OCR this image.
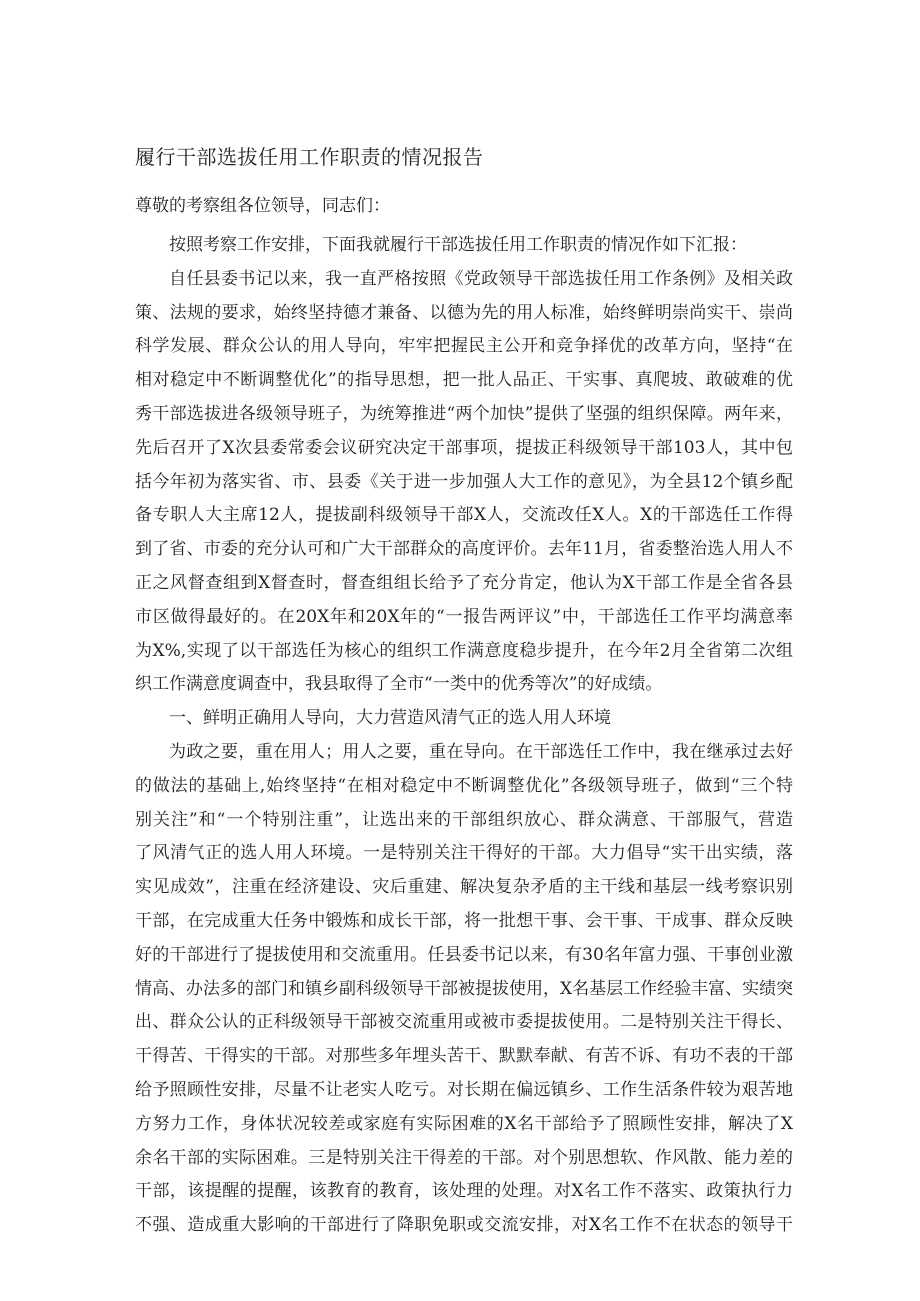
履行干部选拔任用工作职责的情况报告
尊敬的考察组各位领导，同志们：
按照考察工作安排，下面我就履行干部选拔任用工作职责的情况作如下汇报：
自任县委书记以来，我一直严格按照《党政领导干部选拔任用工作条例》及相关政
策、法规的要求，始终坚持德才兼备、以德为先的用人标准，始终鲜明崇尚实干、崇尚
科学发展、群众公认的用人导向，牢牢把握民主公开和竞争择优的改革方向，坚持“在
相对稳定中不断调整优化”的指导思想，把一批人品正、干实事、真爬坡、敢破难的优
秀干部选拔进各级领导班子，为统筹推进“两个加快”提供了坚强的组织保障。两年来，
先后召开了X次县委常委会议研究决定干部事项，提拔正科级领导干部103人，其中包
括今年初为落实省、市、县委《关于进一步加强人大工作的意见》，为全县12个镇乡配
备专职人大主席12人，提拔副科级领导干部X人，交流改任X人。X的干部选任工作得
到了省、市委的充分认可和广大干部群众的高度评价。去年11月，省委整治选人用人不
正之风督查组到X督查时，督查组组长给予了充分肯定，他认为X干部工作是全省各县
市区做得最好的。在20X年和20X年的“一报告两评议”中，干部选任工作平均满意率
为X%,实现了以干部选任为核心的组织工作满意度稳步提升，在今年2月全省第二次组
织工作满意度调查中，我县取得了全市“一类中的优秀等次”的好成绩。
一、鲜明正确用人导向，大力营造风清气正的选人用人环境
为政之要，重在用人；用人之要，重在导向。在干部选任工作中，我在继承过去好
的做法的基础上,始终坚持“在相对稳定中不断调整优化”各级领导班子，做到“三个特
别关注”和“一个特别注重”，让选出来的干部组织放心、群众满意、干部服气，营造
了风清气正的选人用人环境。一是特别关注干得好的干部。大力倡导“实干出实绩，落
实见成效”，注重在经济建设、灾后重建、解决复杂矛盾的主干线和基层一线考察识别
干部，在完成重大任务中锻炼和成长干部，将一批想干事、会干事、干成事、群众反映
好的干部进行了提拔使用和交流重用。任县委书记以来，有30名年富力强、干事创业激
情高、办法多的部门和镇乡副科级领导干部被提拔使用，X名基层工作经验丰富、实绩突
出、群众公认的正科级领导干部被交流重用或被市委提拔使用。二是特别关注干得长、
干得苦、干得实的干部。对那些多年埋头苦干、默默奉献、有苦不诉、有功不表的干部
给予照顾性安排，尽量不让老实人吃亏。对长期在偏远镇乡、工作生活条件较为艰苦地
方努力工作，身体状况较差或家庭有实际困难的X名干部给予了照顾性安排，解决了X
余名干部的实际困难。三是特别关注干得差的干部。对个别思想软、作风散、能力差的
干部，该提醒的提醒，该教育的教育，该处理的处理。对X名工作不落实、政策执行力
不强、造成重大影响的干部进行了降职免职或交流安排，对X名工作不在状态的领导干
